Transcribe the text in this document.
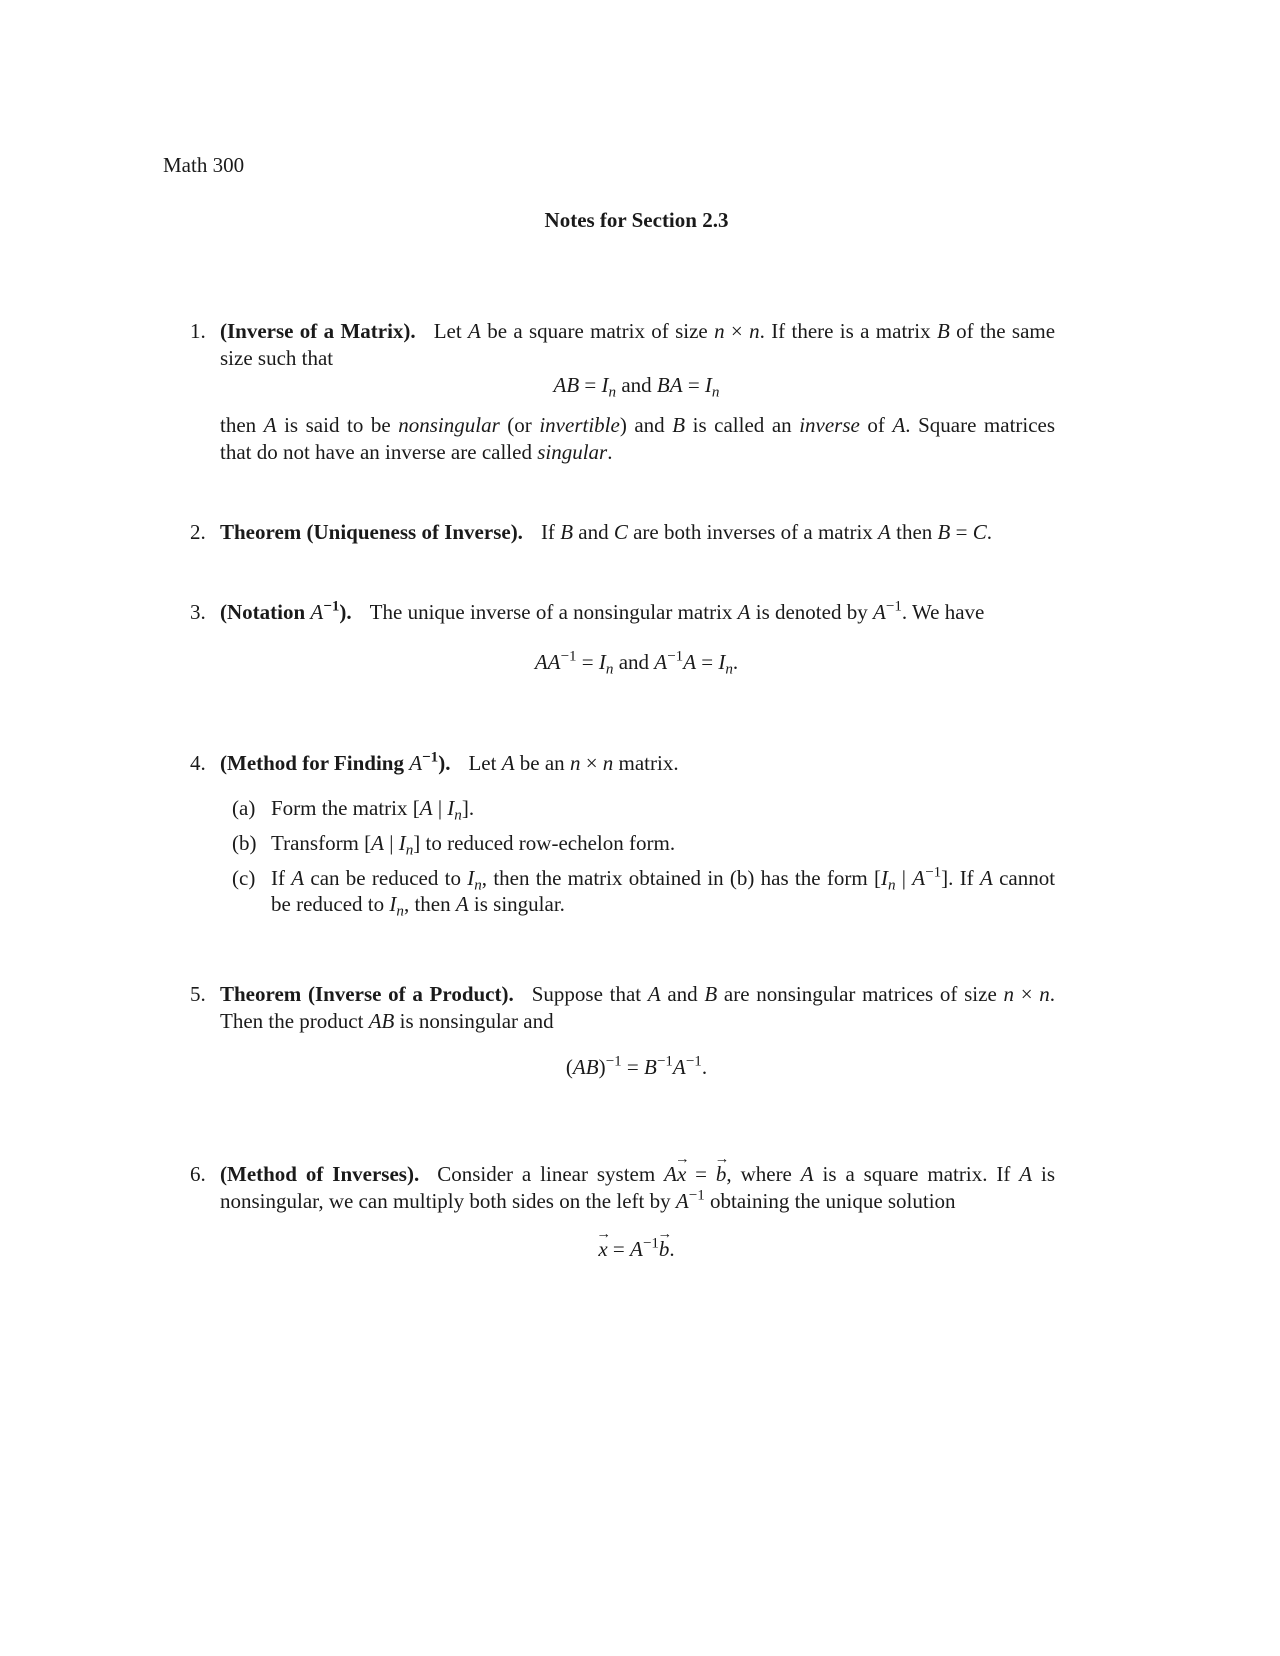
Math 300
Notes for Section 2.3
1. (Inverse of a Matrix). Let A be a square matrix of size n × n. If there is a matrix B of the same
size such that
AB = $I_n$ and BA = $I_n$
then A is said to be nonsingular (or invertible) and B is called an inverse of A. Square matrices
that do not have an inverse are called singular.
2. Theorem (Uniqueness of Inverse). If B and C are both inverses of a matrix A then B = C.
3. (Notation $A^{-1}$). The unique inverse of a nonsingular matrix A is denoted by $A^{-1}$. We have
$AA^{-1} = I_n$ and $A^{-1}A = I_n$.
4. (Method for Finding $A^{-1}$). Let A be an n × n matrix.
(a) Form the matrix [A | $I_n$].
(b) Transform [A | $I_n$] to reduced row-echelon form.
(c) If A can be reduced to $I_n$, then the matrix obtained in (b) has the form [$I_n$ | $A^{-1}$]. If A cannot
be reduced to $I_n$, then A is singular.
5. Theorem (Inverse of a Product). Suppose that A and B are nonsingular matrices of size n × n.
Then the product AB is nonsingular and
$(AB)^{-1} = B^{-1}A^{-1}$.
6. (Method of Inverses). Consider a linear system A→ x = → b, where A is a square matrix. If A is
nonsingular, we can multiply both sides on the left by $A^{-1}$ obtaining the unique solution
→ $x = A^{-1}\to b$.
